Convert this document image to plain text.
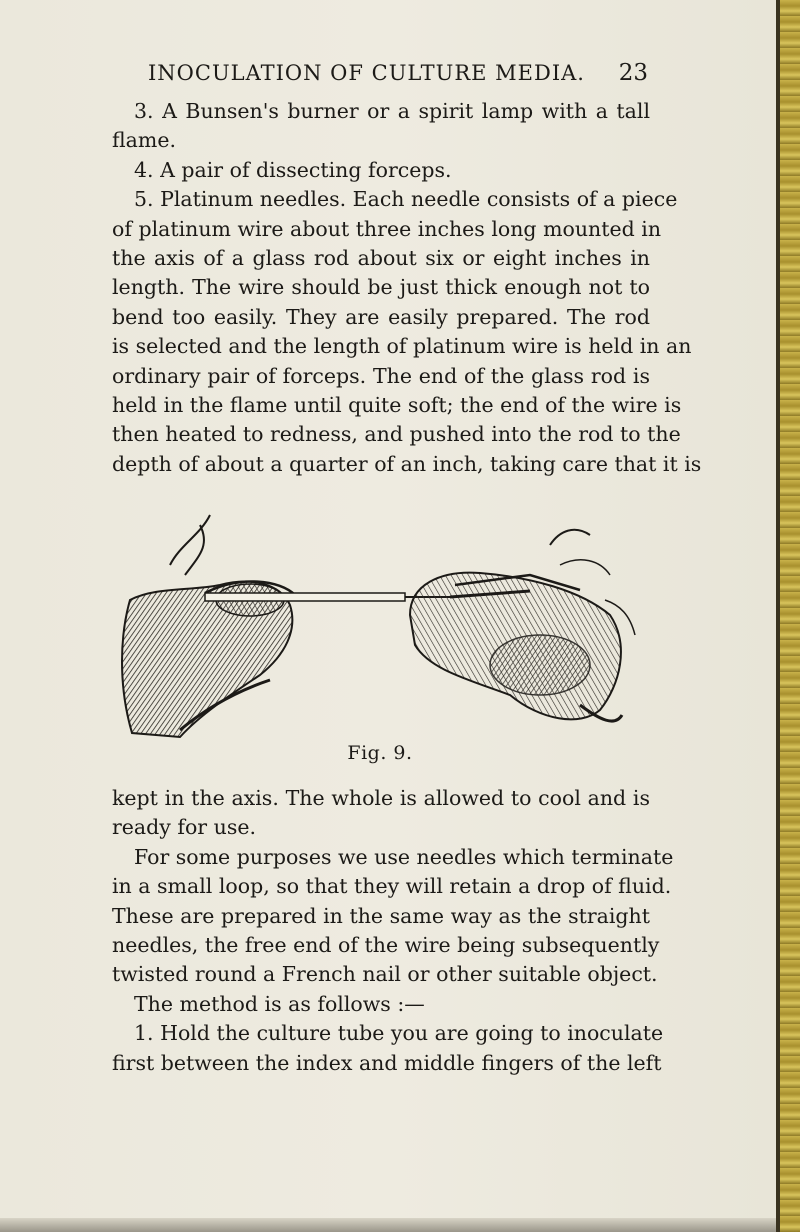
INOCULATION OF CULTURE MEDIA. 23
3. A Bunsen's burner or a spirit lamp with a tall
flame.
4. A pair of dissecting forceps.
5. Platinum needles. Each needle consists of a piece
of platinum wire about three inches long mounted in
the axis of a glass rod about six or eight inches in
length. The wire should be just thick enough not to
bend too easily. They are easily prepared. The rod
is selected and the length of platinum wire is held in an
ordinary pair of forceps. The end of the glass rod is
held in the flame until quite soft; the end of the wire is
then heated to redness, and pushed into the rod to the
depth of about a quarter of an inch, taking care that it is
Fig. 9.
kept in the axis. The whole is allowed to cool and is
ready for use.
For some purposes we use needles which terminate
in a small loop, so that they will retain a drop of fluid.
These are prepared in the same way as the straight
needles, the free end of the wire being subsequently
twisted round a French nail or other suitable object.
The method is as follows :—
1. Hold the culture tube you are going to inoculate
first between the index and middle fingers of the left
